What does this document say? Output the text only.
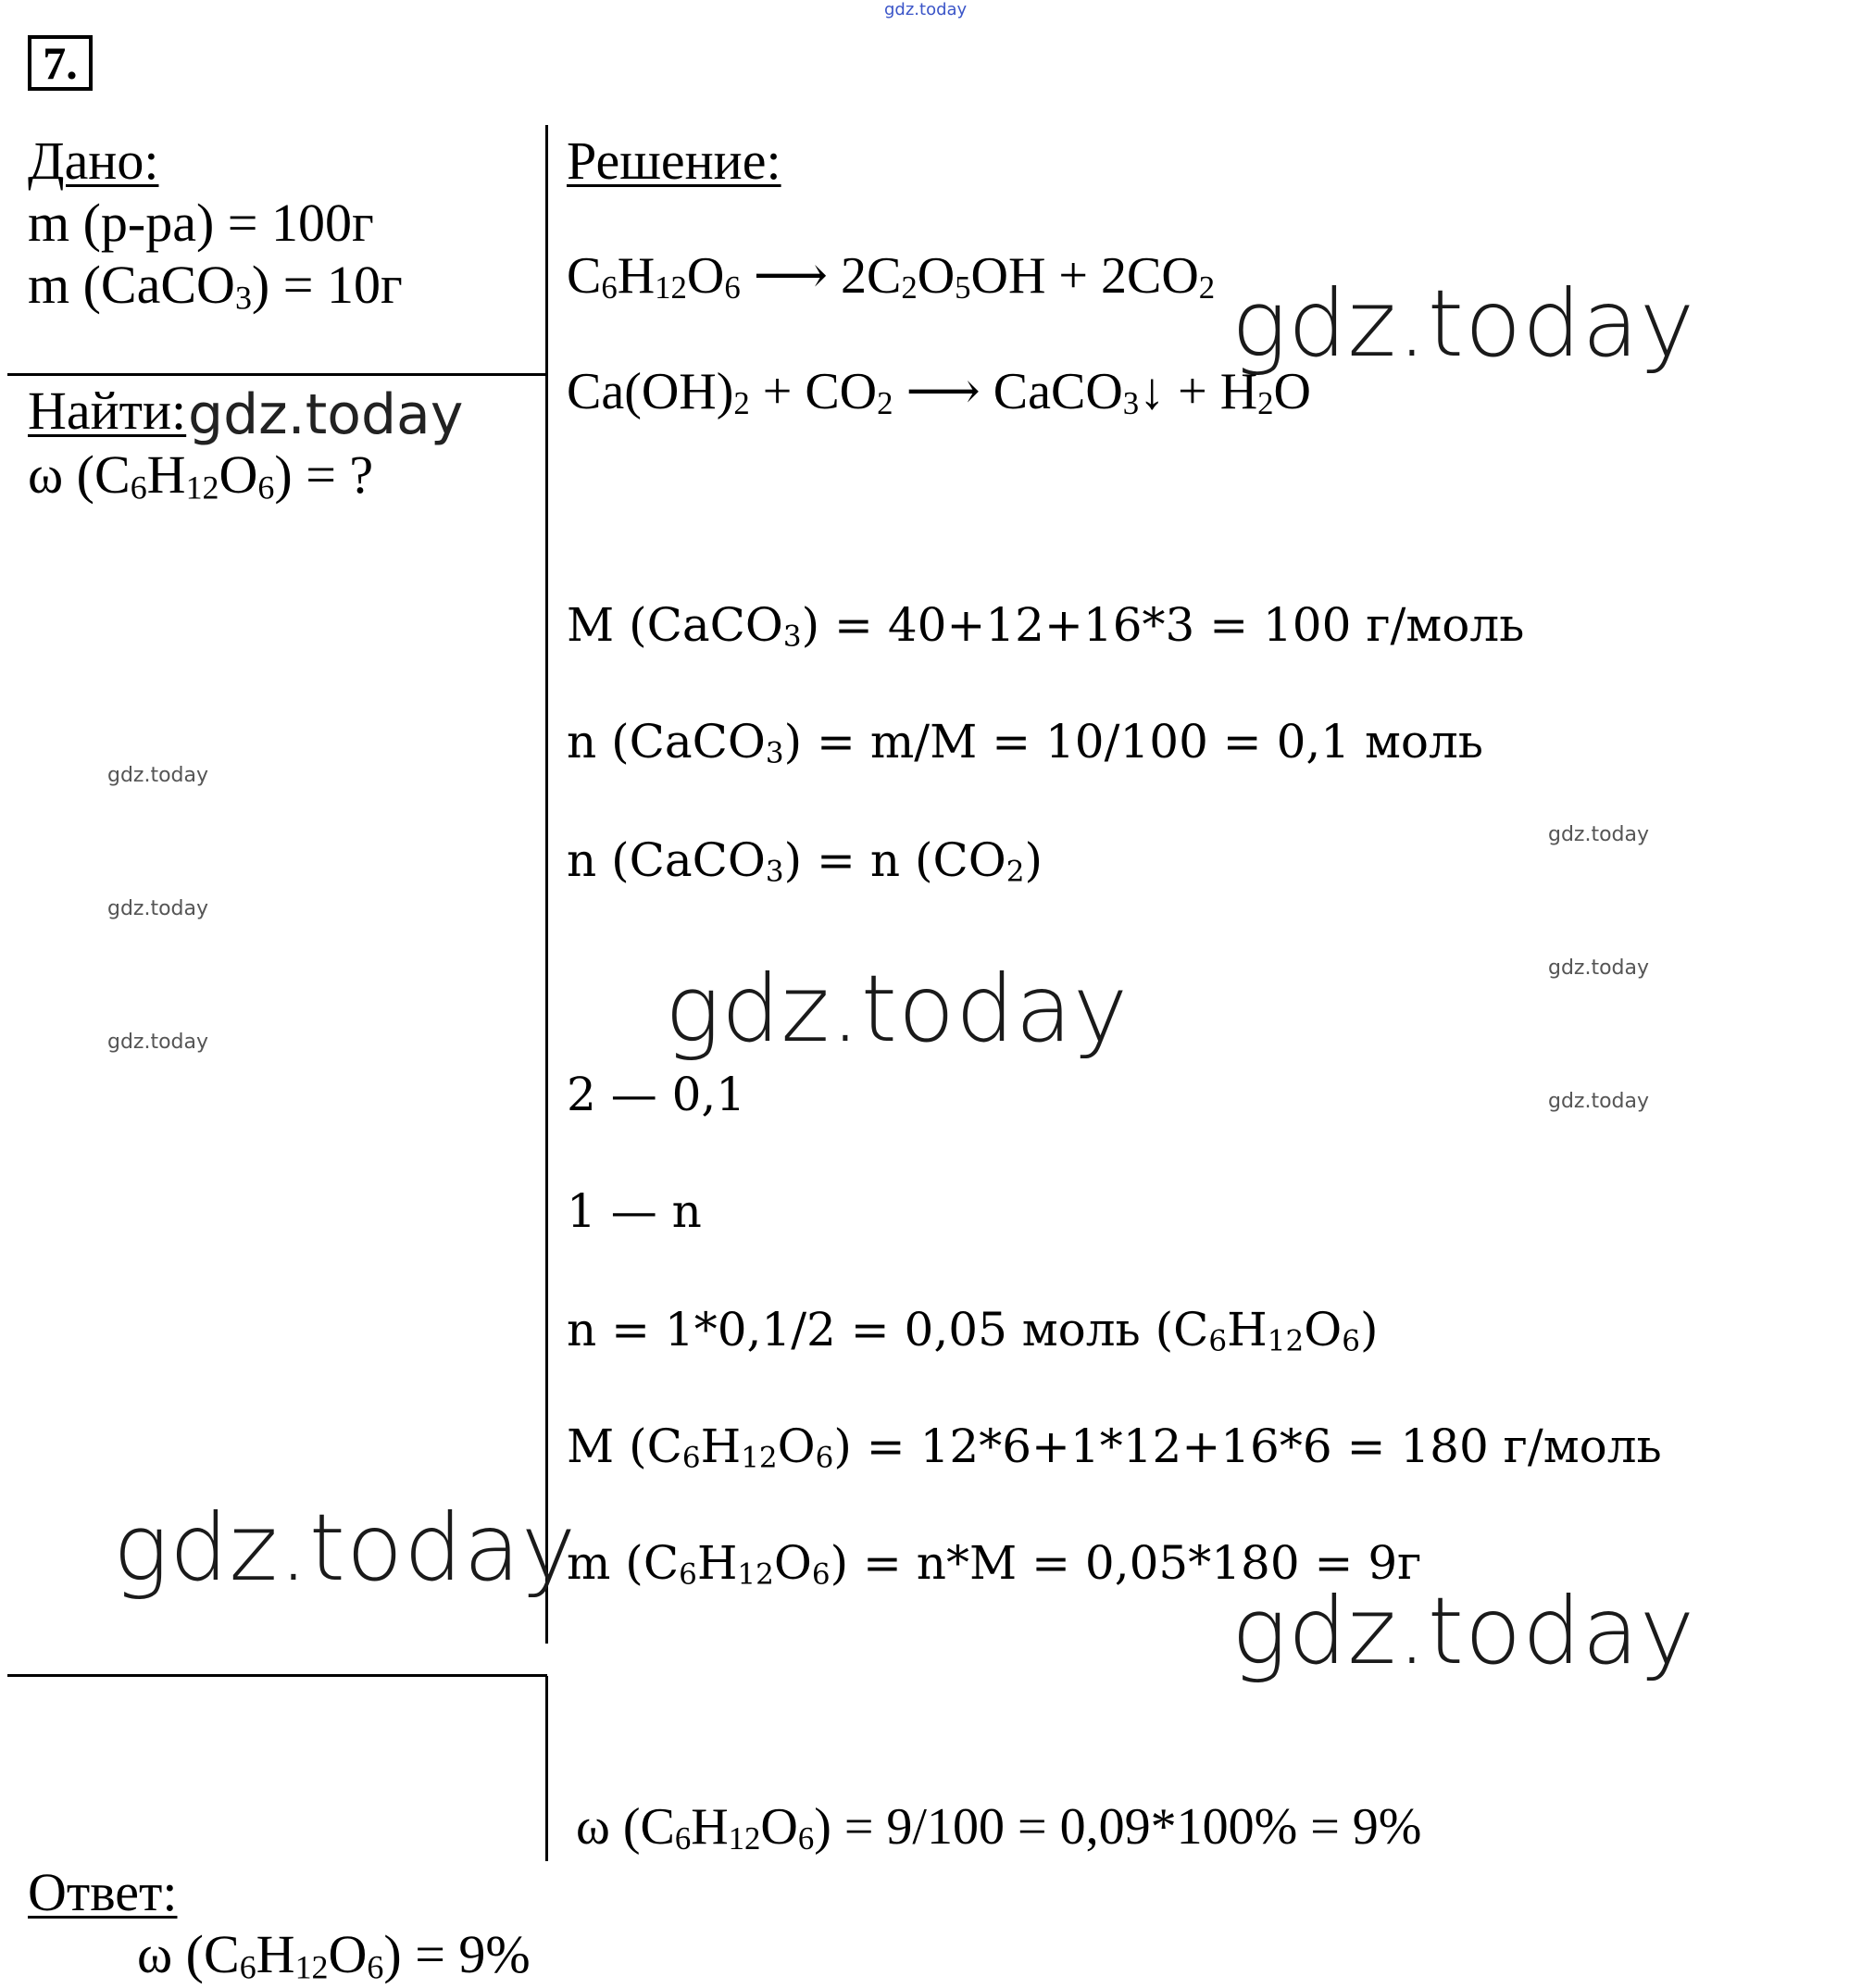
gdz.today
7.
Дано:
m (р-ра) = 100г
m (CaCO$_3$) = 10г
Найти: gdz.today
ω $(C_6H_{12}O_6)$ = ?
gdz.today
gdz.today
gdz.today
gdz.today
Решение:
$C_6H_{12}O_6$ ⟶ $2C_2O_5OH + 2CO_2$ gdz.today
$Ca(OH)_2 + CO_2$ ⟶ CaCO$_3$↓ + $H_2O$
M (CaCO$_3$) = 40+12+16*3 = 100 г/моль
n (CaCO$_3$) = m/M = 10/100 = 0,1 моль
gdz.today
n (CaCO$_3$) = n $(CO_2)$
gdz.today
gdz.today
gdz.today
2 — 0,1
1 — n
n = 1*0,1/2 = 0,05 моль $(C_6H_{12}O_6)$
M $(C_6H_{12}O_6) = 12*6+1*12+16*6 = 180$ г/моль
m $(C_6H_{12}O_6) = n*M = 0,05*180 = 9г$
gdz.today
ω $(C_6H_{12}O_6) = 9/100 = 0,09*100\% = 9\%$
Ответ:
ω $(C_6H_{12}O_6) = 9\%$
